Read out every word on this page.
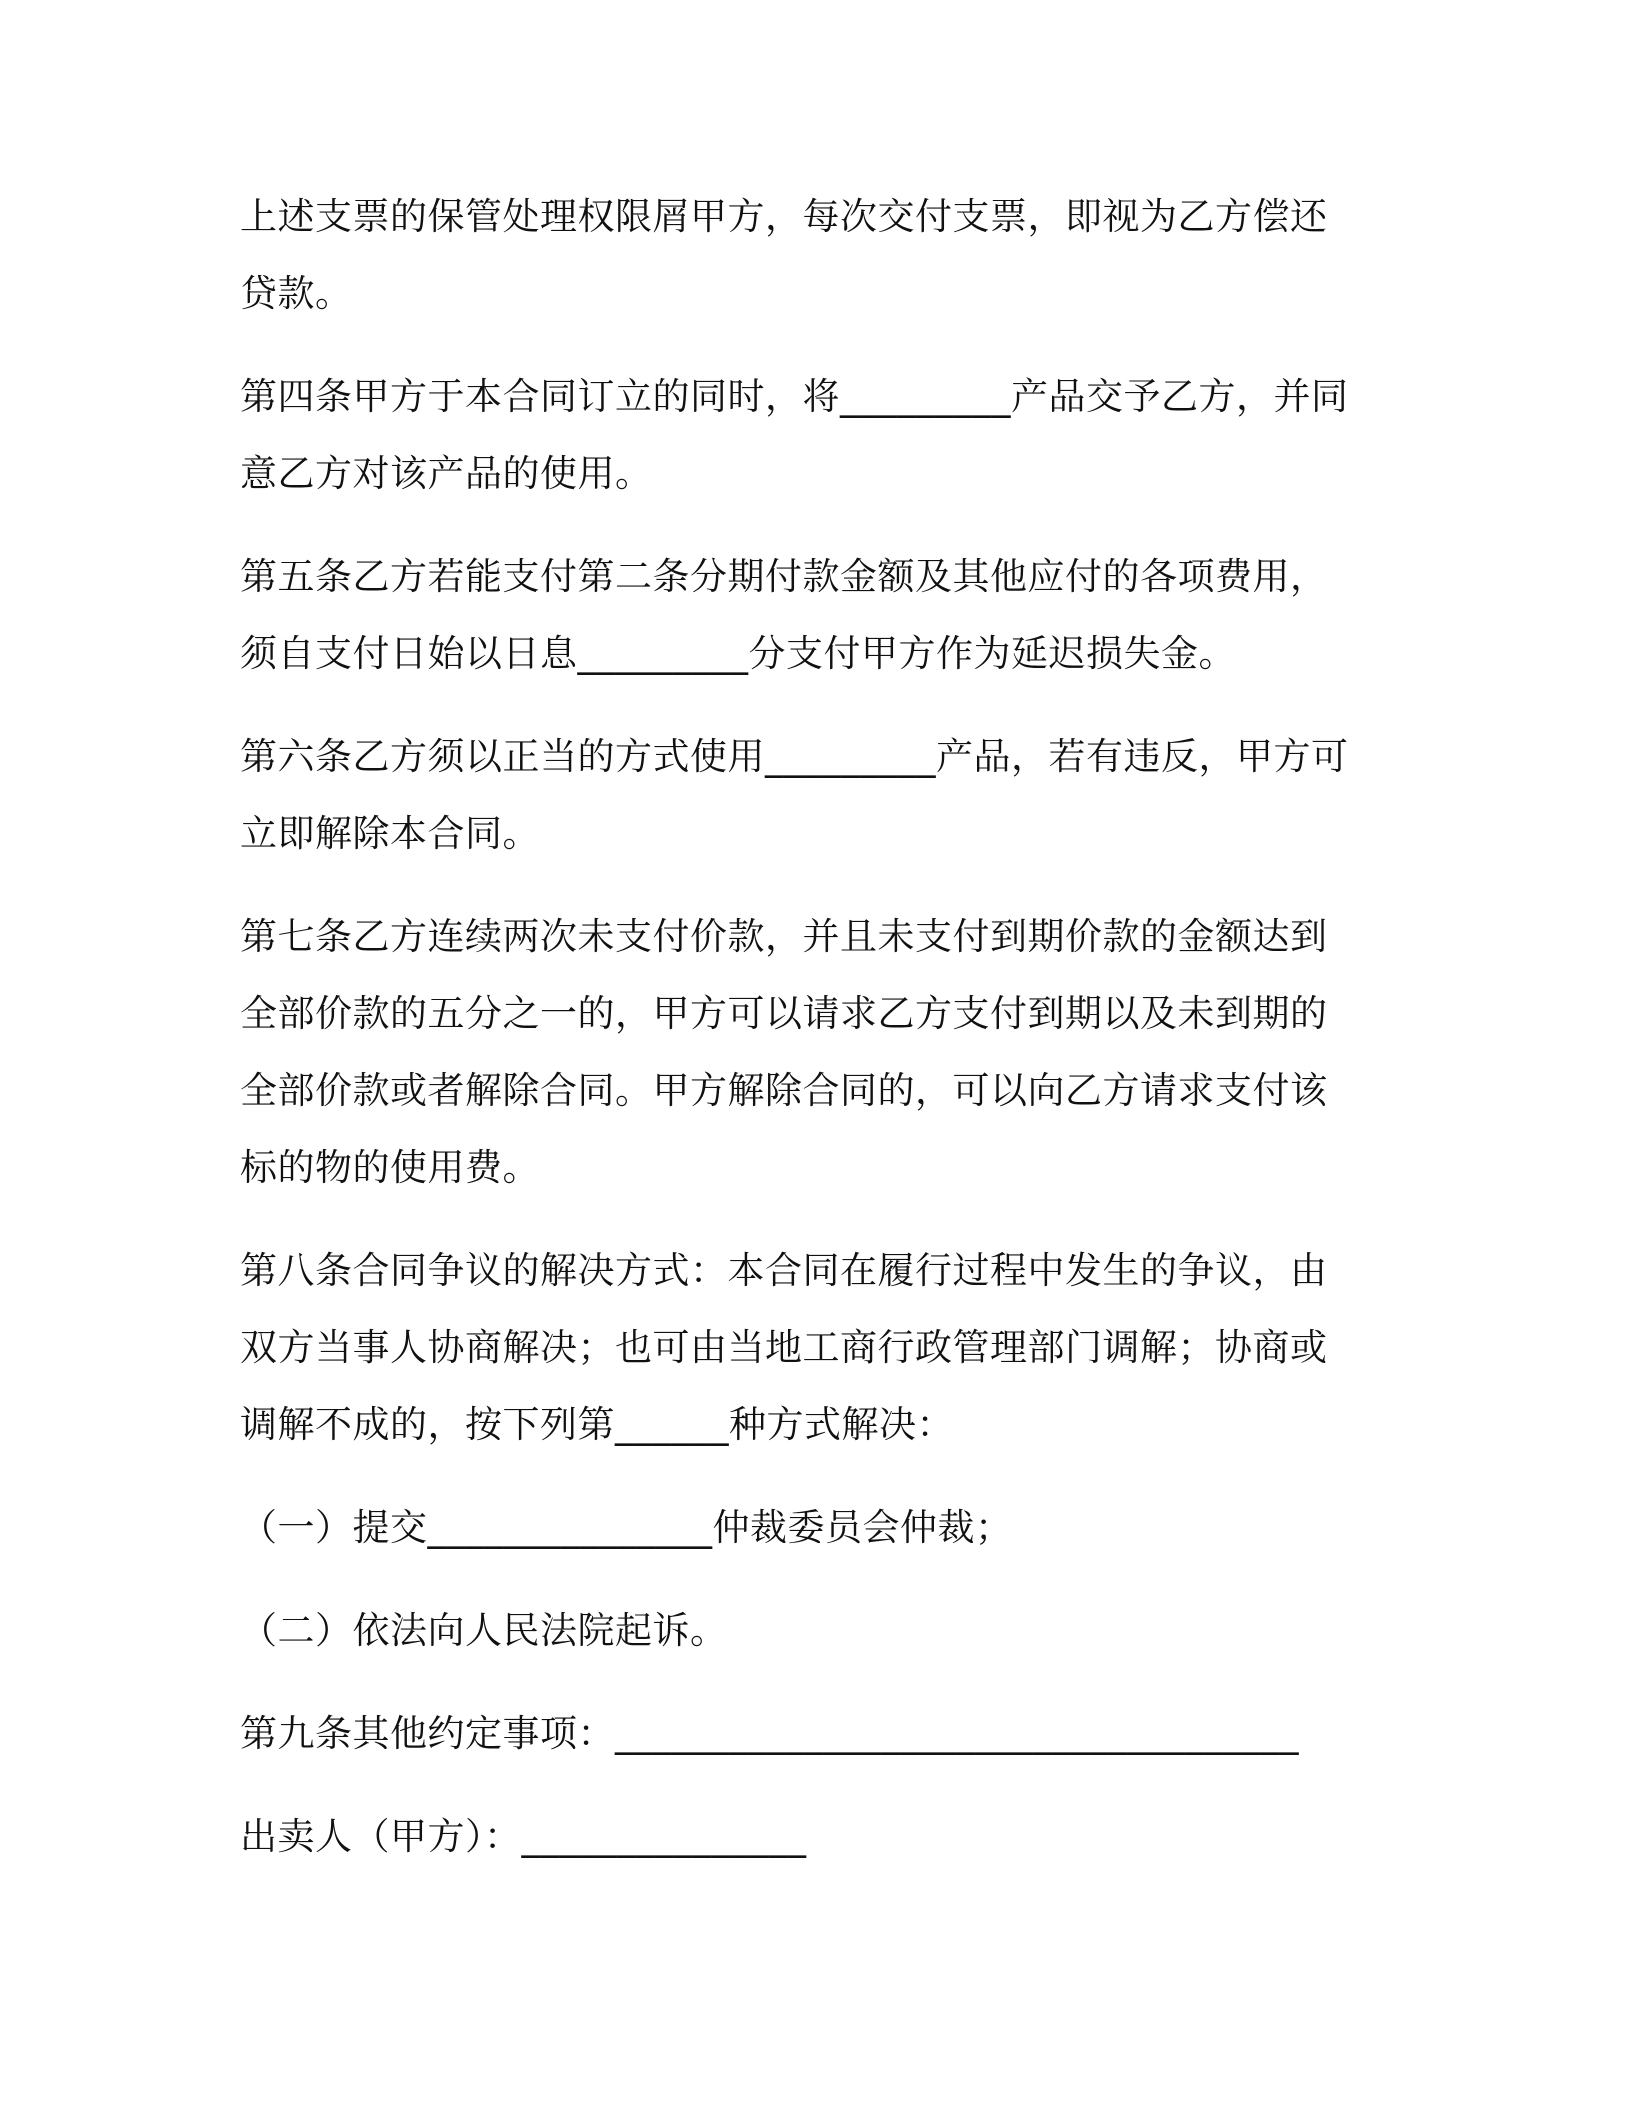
上述支票的保管处理权限屑甲方，每次交付支票，即视为乙方偿还贷款。

第四条甲方于本合同订立的同时，将_________产品交予乙方，并同意乙方对该产品的使用。

第五条乙方若能支付第二条分期付款金额及其他应付的各项费用，须自支付日始以日息_________分支付甲方作为延迟损失金。

第六条乙方须以正当的方式使用_________产品，若有违反，甲方可立即解除本合同。

第七条乙方连续两次未支付价款，并且未支付到期价款的金额达到全部价款的五分之一的，甲方可以请求乙方支付到期以及未到期的全部价款或者解除合同。甲方解除合同的，可以向乙方请求支付该标的物的使用费。

第八条合同争议的解决方式：本合同在履行过程中发生的争议，由双方当事人协商解决；也可由当地工商行政管理部门调解；协商或调解不成的，按下列第______种方式解决：

（一）提交_______________仲裁委员会仲裁；

（二）依法向人民法院起诉。

第九条其他约定事项：____________________________________

出卖人（甲方）：_______________
